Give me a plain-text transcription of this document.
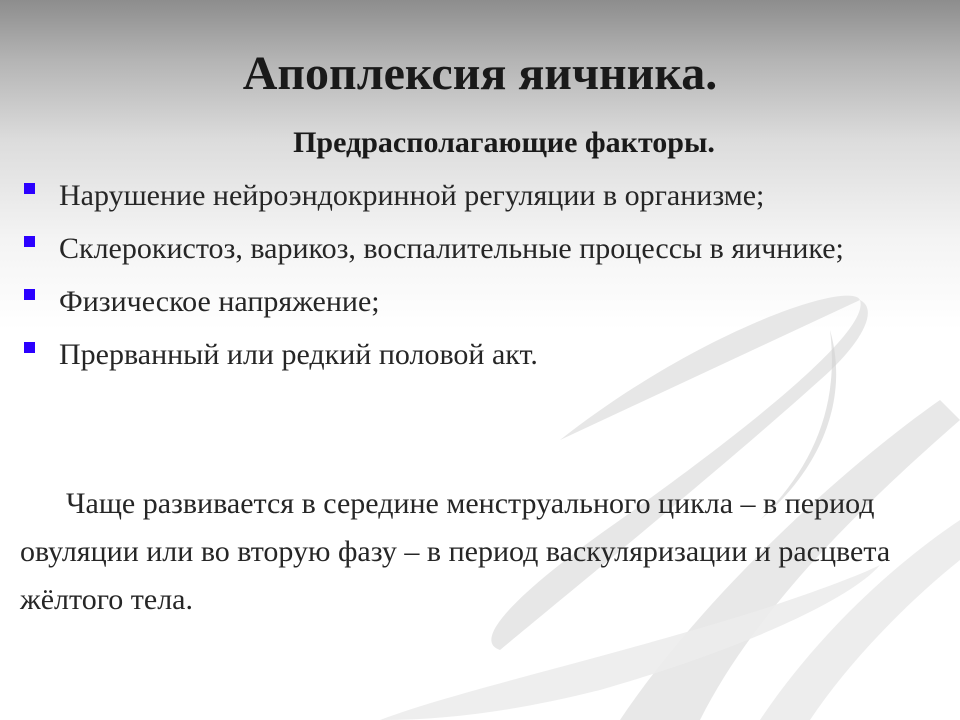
Апоплексия яичника.
Предрасполагающие факторы.
Нарушение нейроэндокринной регуляции в организме;
Склерокистоз, варикоз, воспалительные процессы в яичнике;
Физическое напряжение;
Прерванный или редкий половой акт.

Чаще развивается в середине менструального цикла – в период овуляции или во вторую фазу – в период васкуляризации и расцвета жёлтого тела.
